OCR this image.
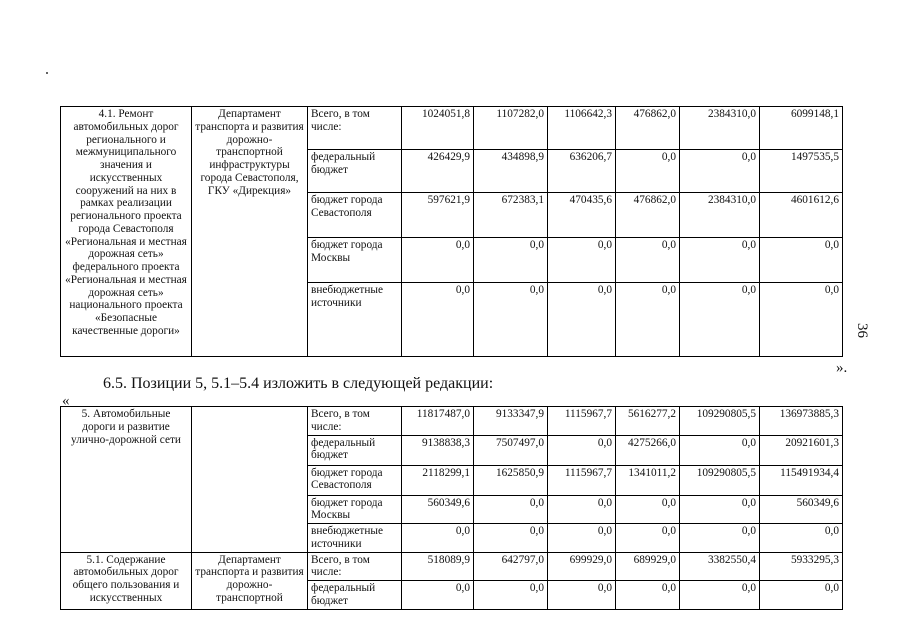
4.1. Ремонт автомобильных дорог регионального и межмуниципального значения и искусственных сооружений на них в рамках реализации регионального проекта города Севастополя «Региональная и местная дорожная сеть» федерального проекта «Региональная и местная дорожная сеть» национального проекта «Безопасные качественные дороги»	Департамент транспорта и развития дорожно-транспортной инфраструктуры города Севастополя, ГКУ «Дирекция»	Всего, в том числе:	1024051,8	1107282,0	1106642,3	476862,0	2384310,0	6099148,1
		федеральный бюджет	426429,9	434898,9	636206,7	0,0	0,0	1497535,5
		бюджет города Севастополя	597621,9	672383,1	470435,6	476862,0	2384310,0	4601612,6
		бюджет города Москвы	0,0	0,0	0,0	0,0	0,0	0,0
		внебюджетные источники	0,0	0,0	0,0	0,0	0,0	0,0
».
6.5. Позиции 5, 5.1–5.4 изложить в следующей редакции:
«
36
5. Автомобильные дороги и развитие улично-дорожной сети		Всего, в том числе:	11817487,0	9133347,9	1115967,7	5616277,2	109290805,5	136973885,3
		федеральный бюджет	9138838,3	7507497,0	0,0	4275266,0	0,0	20921601,3
		бюджет города Севастополя	2118299,1	1625850,9	1115967,7	1341011,2	109290805,5	115491934,4
		бюджет города Москвы	560349,6	0,0	0,0	0,0	0,0	560349,6
		внебюджетные источники	0,0	0,0	0,0	0,0	0,0	0,0
5.1. Содержание автомобильных дорог общего пользования и искусственных	Департамент транспорта и развития дорожно-транспортной	Всего, в том числе:	518089,9	642797,0	699929,0	689929,0	3382550,4	5933295,3
		федеральный бюджет	0,0	0,0	0,0	0,0	0,0	0,0
